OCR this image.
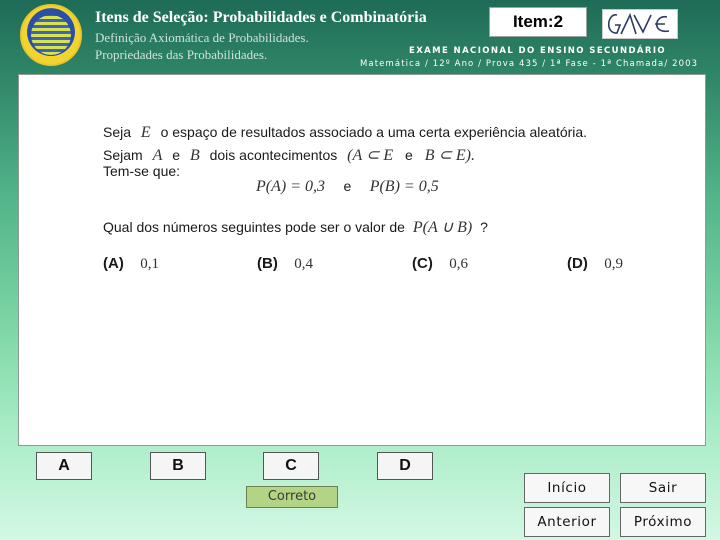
Itens de Seleção: Probabilidades e Combinatória
Definição Axiomática de Probabilidades.
Propriedades das Probabilidades.
Item:2
EXAME NACIONAL DO ENSINO SECUNDÁRIO
Matemática / 12º Ano / Prova 435 / 1ª Fase - 1ª Chamada/ 2003
Seja E o espaço de resultados associado a uma certa experiência aleatória.
Sejam A e B dois acontecimentos (A ⊂ E e B ⊂ E).
Tem-se que:
P(A) = 0,3 e P(B) = 0,5
Qual dos números seguintes pode ser o valor de P(A ∪ B) ?
(A) 0,1	(B) 0,4	(C) 0,6	(D) 0,9
A	B	C	D
Correto
Início	Sair
Anterior	Próximo
